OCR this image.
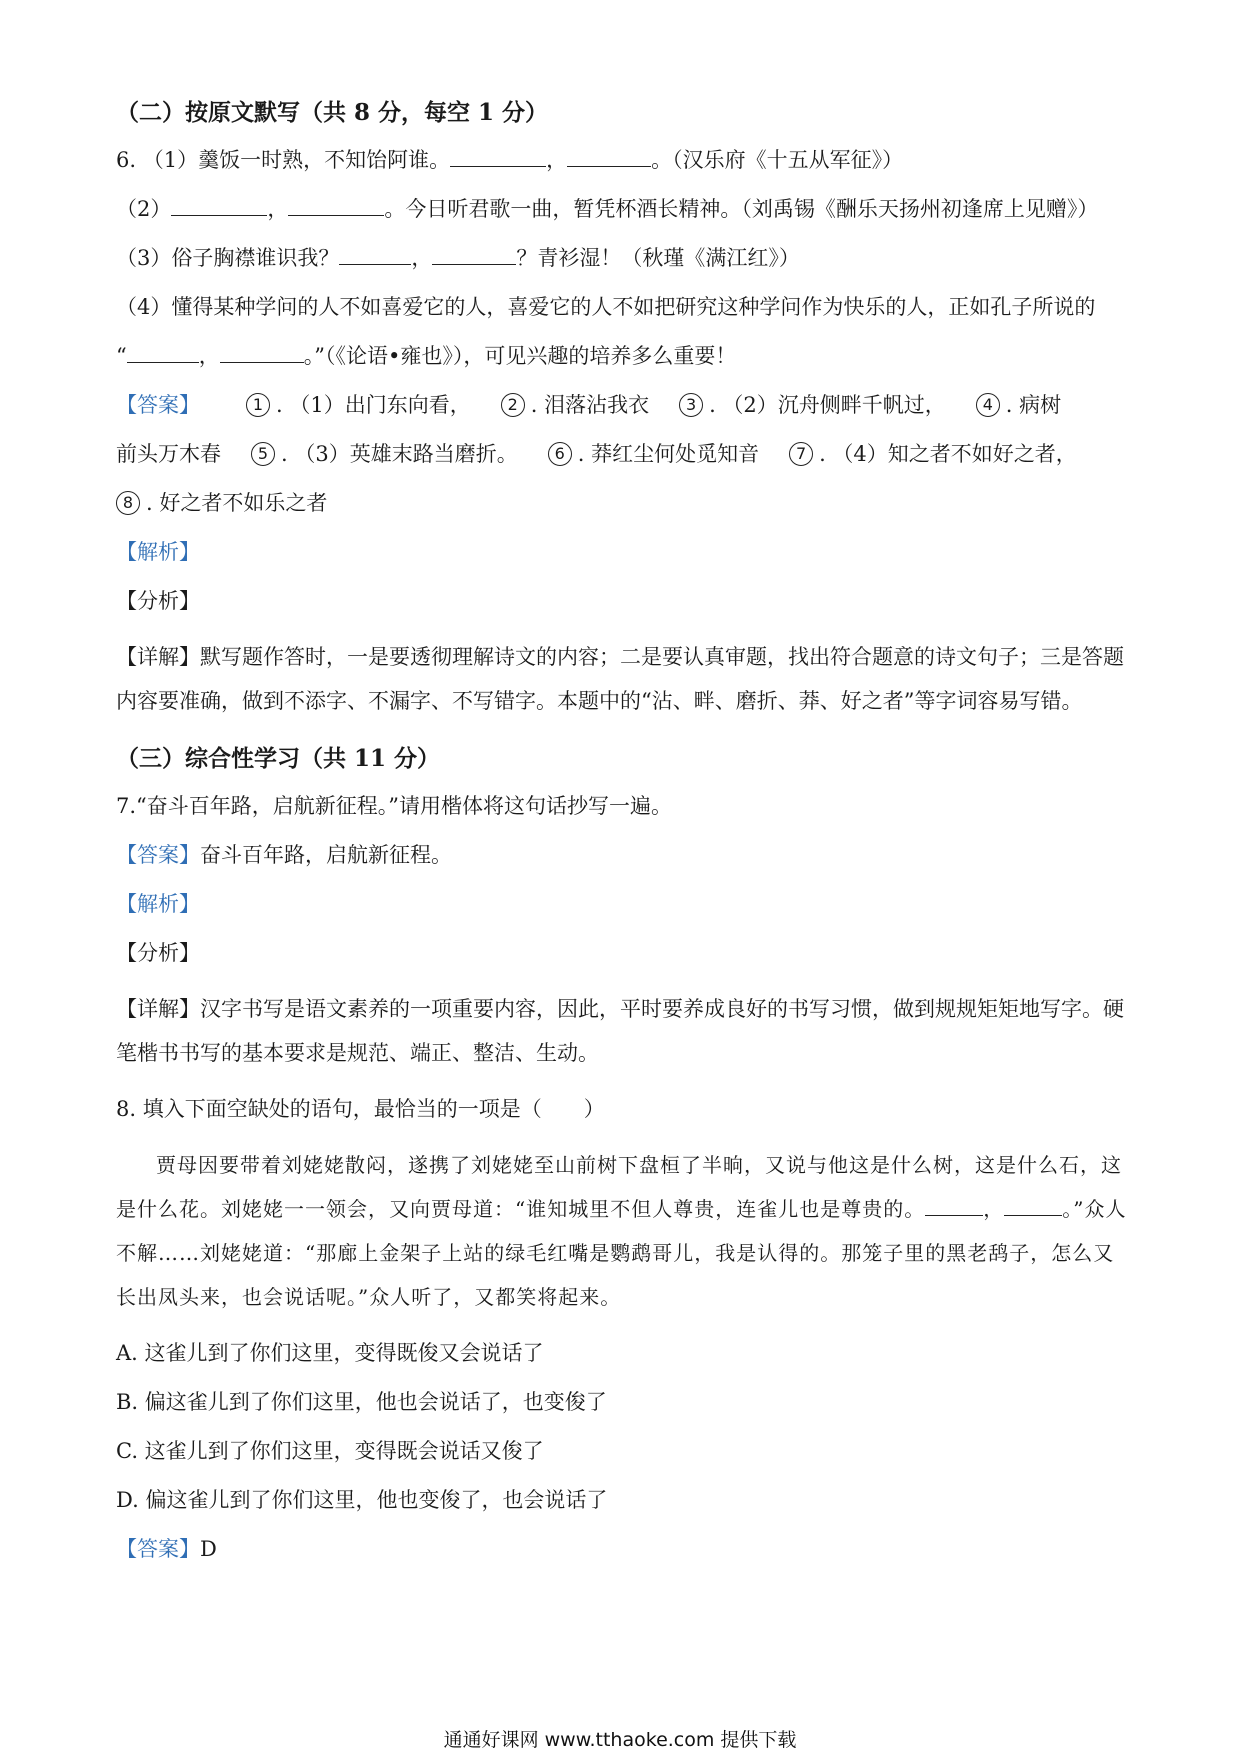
（二）按原文默写（共 8 分，每空 1 分）
6. （1）羹饭一时熟，不知饴阿谁。	，	。（汉乐府《十五从军征》）
（2）	，	。今日听君歌一曲，暂凭杯酒长精神。（刘禹锡《酬乐天扬州初逢席上见赠》）
（3）俗子胸襟谁识我？	，	？青衫湿！（秋瑾《满江红》）
（4）懂得某种学问的人不如喜爱它的人，喜爱它的人不如把研究这种学问作为快乐的人，正如孔子所说的
“	，	。”（《论语•雍也》），可见兴趣的培养多么重要！
【答案】	1 . （1）出门东向看， 2 . 泪落沾我衣 3 . （2）沉舟侧畔千帆过， 4 . 病树
前头万木春 5 . （3）英雄末路当磨折。 6 . 莽红尘何处觅知音 7 . （4）知之者不如好之者，
8 . 好之者不如乐之者
【解析】
【分析】
【详解】默写题作答时，一是要透彻理解诗文的内容；二是要认真审题，找出符合题意的诗文句子；三是答题内容要准确，做到不添字、不漏字、不写错字。本题中的“沾、畔、磨折、莽、好之者”等字词容易写错。
（三）综合性学习（共 11 分）
7.“奋斗百年路，启航新征程。”请用楷体将这句话抄写一遍。
【答案】奋斗百年路，启航新征程。
【解析】
【分析】
【详解】汉字书写是语文素养的一项重要内容，因此，平时要养成良好的书写习惯，做到规规矩矩地写字。硬笔楷书书写的基本要求是规范、端正、整洁、生动。
8. 填入下面空缺处的语句，最恰当的一项是（　　）

贾母因要带着刘姥姥散闷，遂携了刘姥姥至山前树下盘桓了半晌，又说与他这是什么树，这是什么石，这是什么花。刘姥姥一一领会，又向贾母道：“谁知城里不但人尊贵，连雀儿也是尊贵的。	，	。”众人不解……刘姥姥道：“那廊上金架子上站的绿毛红嘴是鹦鹉哥儿，我是认得的。那笼子里的黑老鸹子，怎么又长出凤头来，也会说话呢。”众人听了，又都笑将起来。

A. 这雀儿到了你们这里，变得既俊又会说话了
B. 偏这雀儿到了你们这里，他也会说话了，也变俊了
C. 这雀儿到了你们这里，变得既会说话又俊了
D. 偏这雀儿到了你们这里，他也变俊了，也会说话了
【答案】D
通通好课网 www.tthaoke.com 提供下载
